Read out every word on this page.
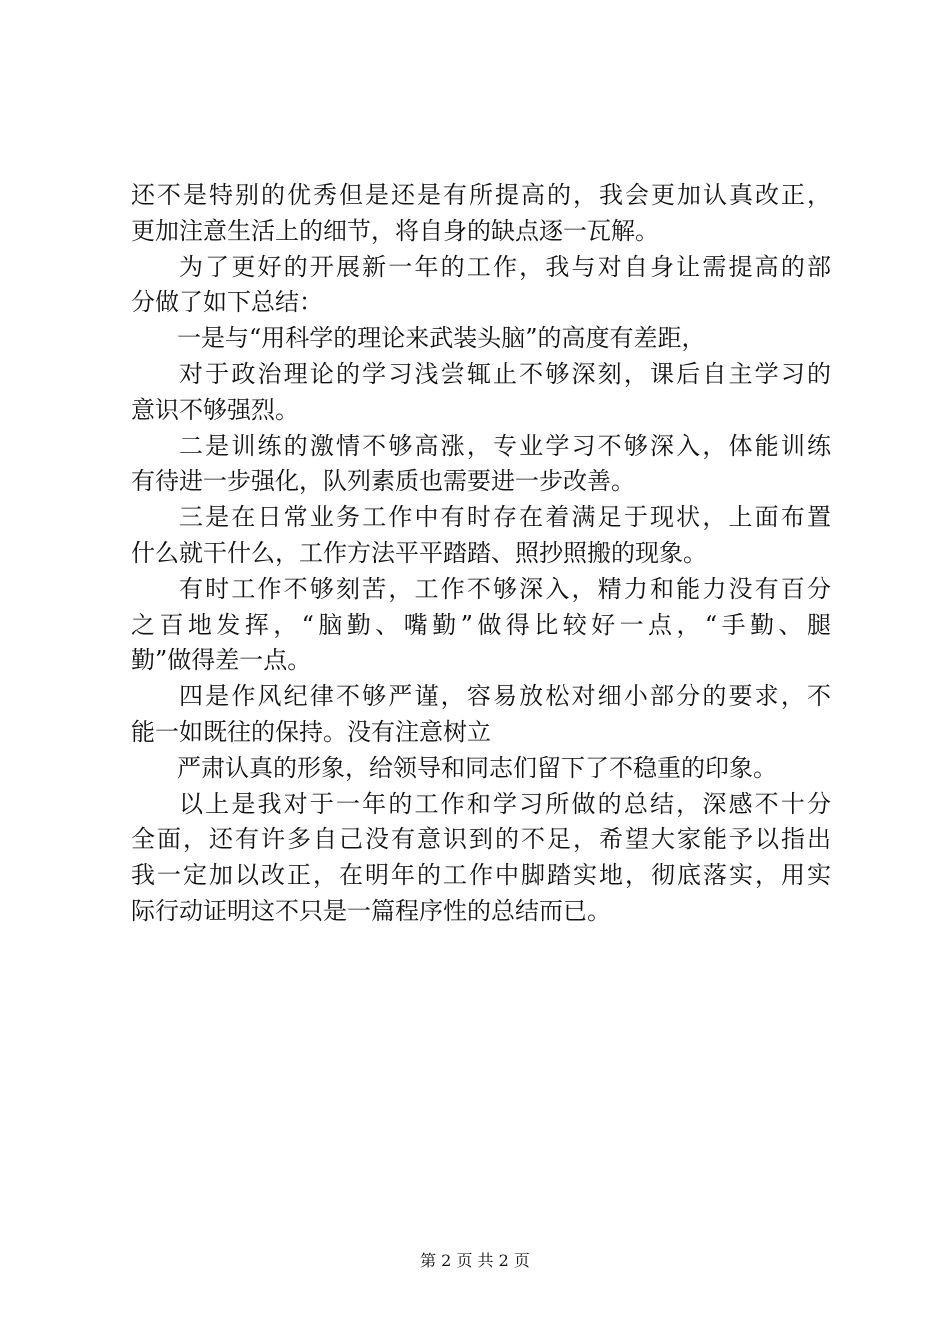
还不是特别的优秀但是还是有所提高的，我会更加认真改正，
更加注意生活上的细节，将自身的缺点逐一瓦解。
为了更好的开展新一年的工作，我与对自身让需提高的部
分做了如下总结：
一是与“用科学的理论来武装头脑”的高度有差距，
对于政治理论的学习浅尝辄止不够深刻，课后自主学习的
意识不够强烈。
二是训练的激情不够高涨，专业学习不够深入，体能训练
有待进一步强化，队列素质也需要进一步改善。
三是在日常业务工作中有时存在着满足于现状，上面布置
什么就干什么，工作方法平平踏踏、照抄照搬的现象。
有时工作不够刻苦，工作不够深入，精力和能力没有百分
之百地发挥，“脑勤、嘴勤”做得比较好一点，“手勤、腿
勤”做得差一点。
四是作风纪律不够严谨，容易放松对细小部分的要求，不
能一如既往的保持。没有注意树立
严肃认真的形象，给领导和同志们留下了不稳重的印象。
以上是我对于一年的工作和学习所做的总结，深感不十分
全面，还有许多自己没有意识到的不足，希望大家能予以指出
我一定加以改正，在明年的工作中脚踏实地，彻底落实，用实
际行动证明这不只是一篇程序性的总结而已。
第 2 页 共 2 页
